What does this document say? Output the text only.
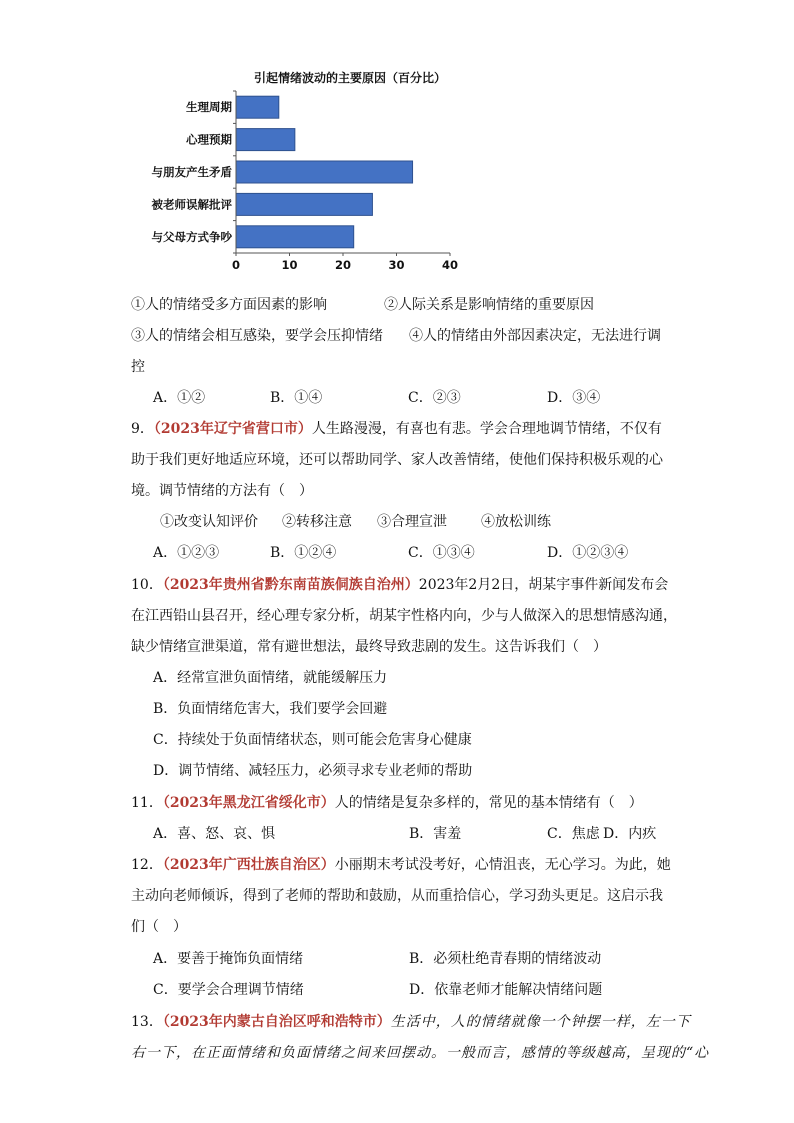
引起情绪波动的主要原因（百分比）
生理周期
心理预期
与朋友产生矛盾
被老师误解批评
与父母方式争吵
0	10	20	30	40
①人的情绪受多方面因素的影响	②人际关系是影响情绪的重要原因
③人的情绪会相互感染，要学会压抑情绪 ④人的情绪由外部因素决定，无法进行调
控
A．①②	B．①④	C．②③	D．③④
9．（2023年辽宁省营口市）人生路漫漫，有喜也有悲。学会合理地调节情绪，不仅有
助于我们更好地适应环境，还可以帮助同学、家人改善情绪，使他们保持积极乐观的心
境。调节情绪的方法有（　）
①改变认知评价 ②转移注意 ③合理宣泄 ④放松训练
A．①②③	B．①②④	C．①③④	D．①②③④
10．（2023年贵州省黔东南苗族侗族自治州）2023年2月2日，胡某宇事件新闻发布会
在江西铅山县召开，经心理专家分析，胡某宇性格内向，少与人做深入的思想情感沟通，
缺少情绪宣泄渠道，常有避世想法，最终导致悲剧的发生。这告诉我们（　）
A．经常宣泄负面情绪，就能缓解压力
B．负面情绪危害大，我们要学会回避
C．持续处于负面情绪状态，则可能会危害身心健康
D．调节情绪、减轻压力，必须寻求专业老师的帮助
11．（2023年黑龙江省绥化市）人的情绪是复杂多样的，常见的基本情绪有（　）
A．喜、怒、哀、惧	B．害羞	C．焦虑 D．内疚
12．（2023年广西壮族自治区）小丽期末考试没考好，心情沮丧，无心学习。为此，她
主动向老师倾诉，得到了老师的帮助和鼓励，从而重拾信心，学习劲头更足。这启示我
们（　）
A．要善于掩饰负面情绪	B．必须杜绝青春期的情绪波动
C．要学会合理调节情绪	D．依靠老师才能解决情绪问题
13．（2023年内蒙古自治区呼和浩特市）生活中，人的情绪就像一个钟摆一样，左一下
右一下，在正面情绪和负面情绪之间来回摆动。一般而言，感情的等级越高，呈现的“心
